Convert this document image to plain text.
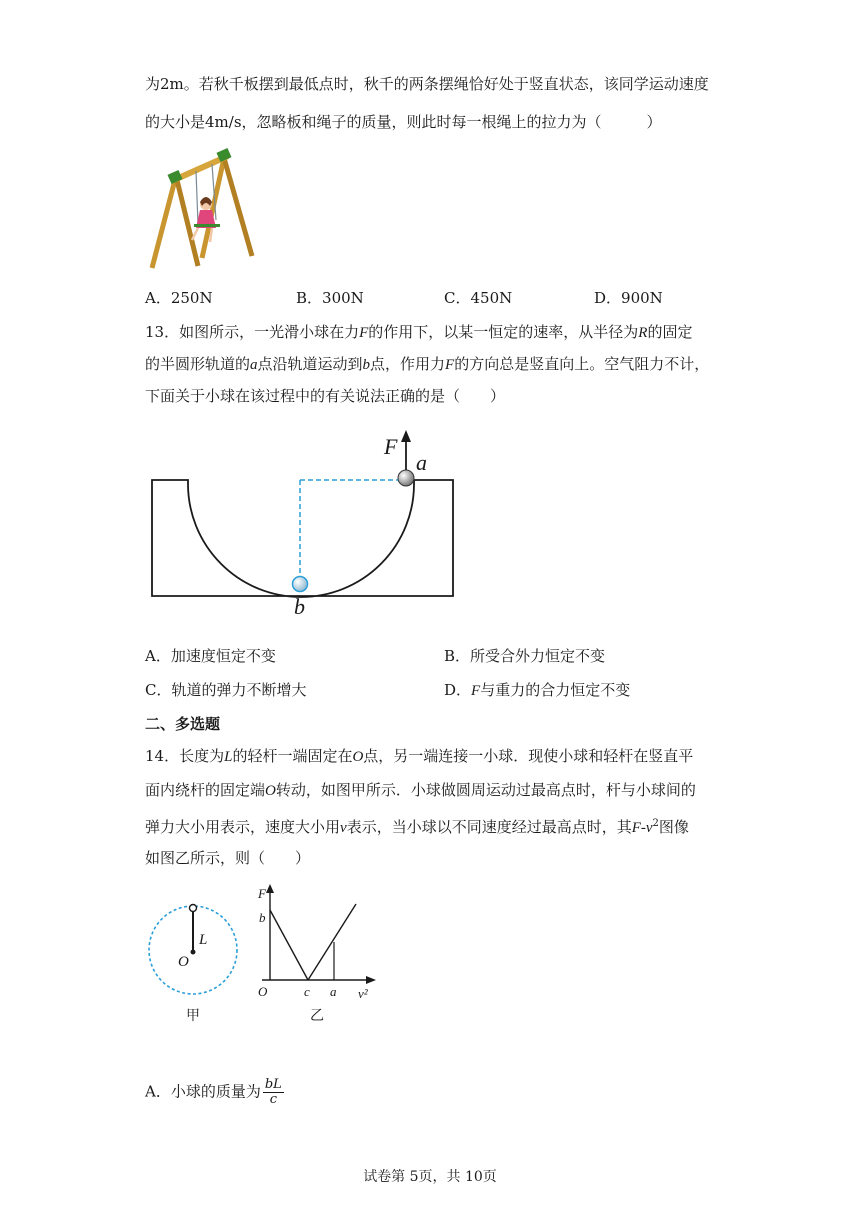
为2m。若秋千板摆到最低点时，秋千的两条摆绳恰好处于竖直状态，该同学运动速度
的大小是4m/s，忽略板和绳子的质量，则此时每一根绳上的拉力为（　　　）
A．250N	B．300N	C．450N	D．900N
13．如图所示，一光滑小球在力F的作用下，以某一恒定的速率，从半径为R的固定
的半圆形轨道的a点沿轨道运动到b点，作用力F的方向总是竖直向上。空气阻力不计，
下面关于小球在该过程中的有关说法正确的是（　　）
F
a
b
A．加速度恒定不变	B．所受合外力恒定不变
C．轨道的弹力不断增大	D．F与重力的合力恒定不变
二、多选题
14．长度为L的轻杆一端固定在O点，另一端连接一小球．现使小球和轻杆在竖直平
面内绕杆的固定端O转动，如图甲所示．小球做圆周运动过最高点时，杆与小球间的
弹力大小用表示，速度大小用v表示，当小球以不同速度经过最高点时，其$F-v^2$图像
如图乙所示，则（　　）
L
O
甲
F
b
O	c a v²
乙
A．小球的质量为 $\frac{bL}{c}$
试卷第 5页，共 10页
